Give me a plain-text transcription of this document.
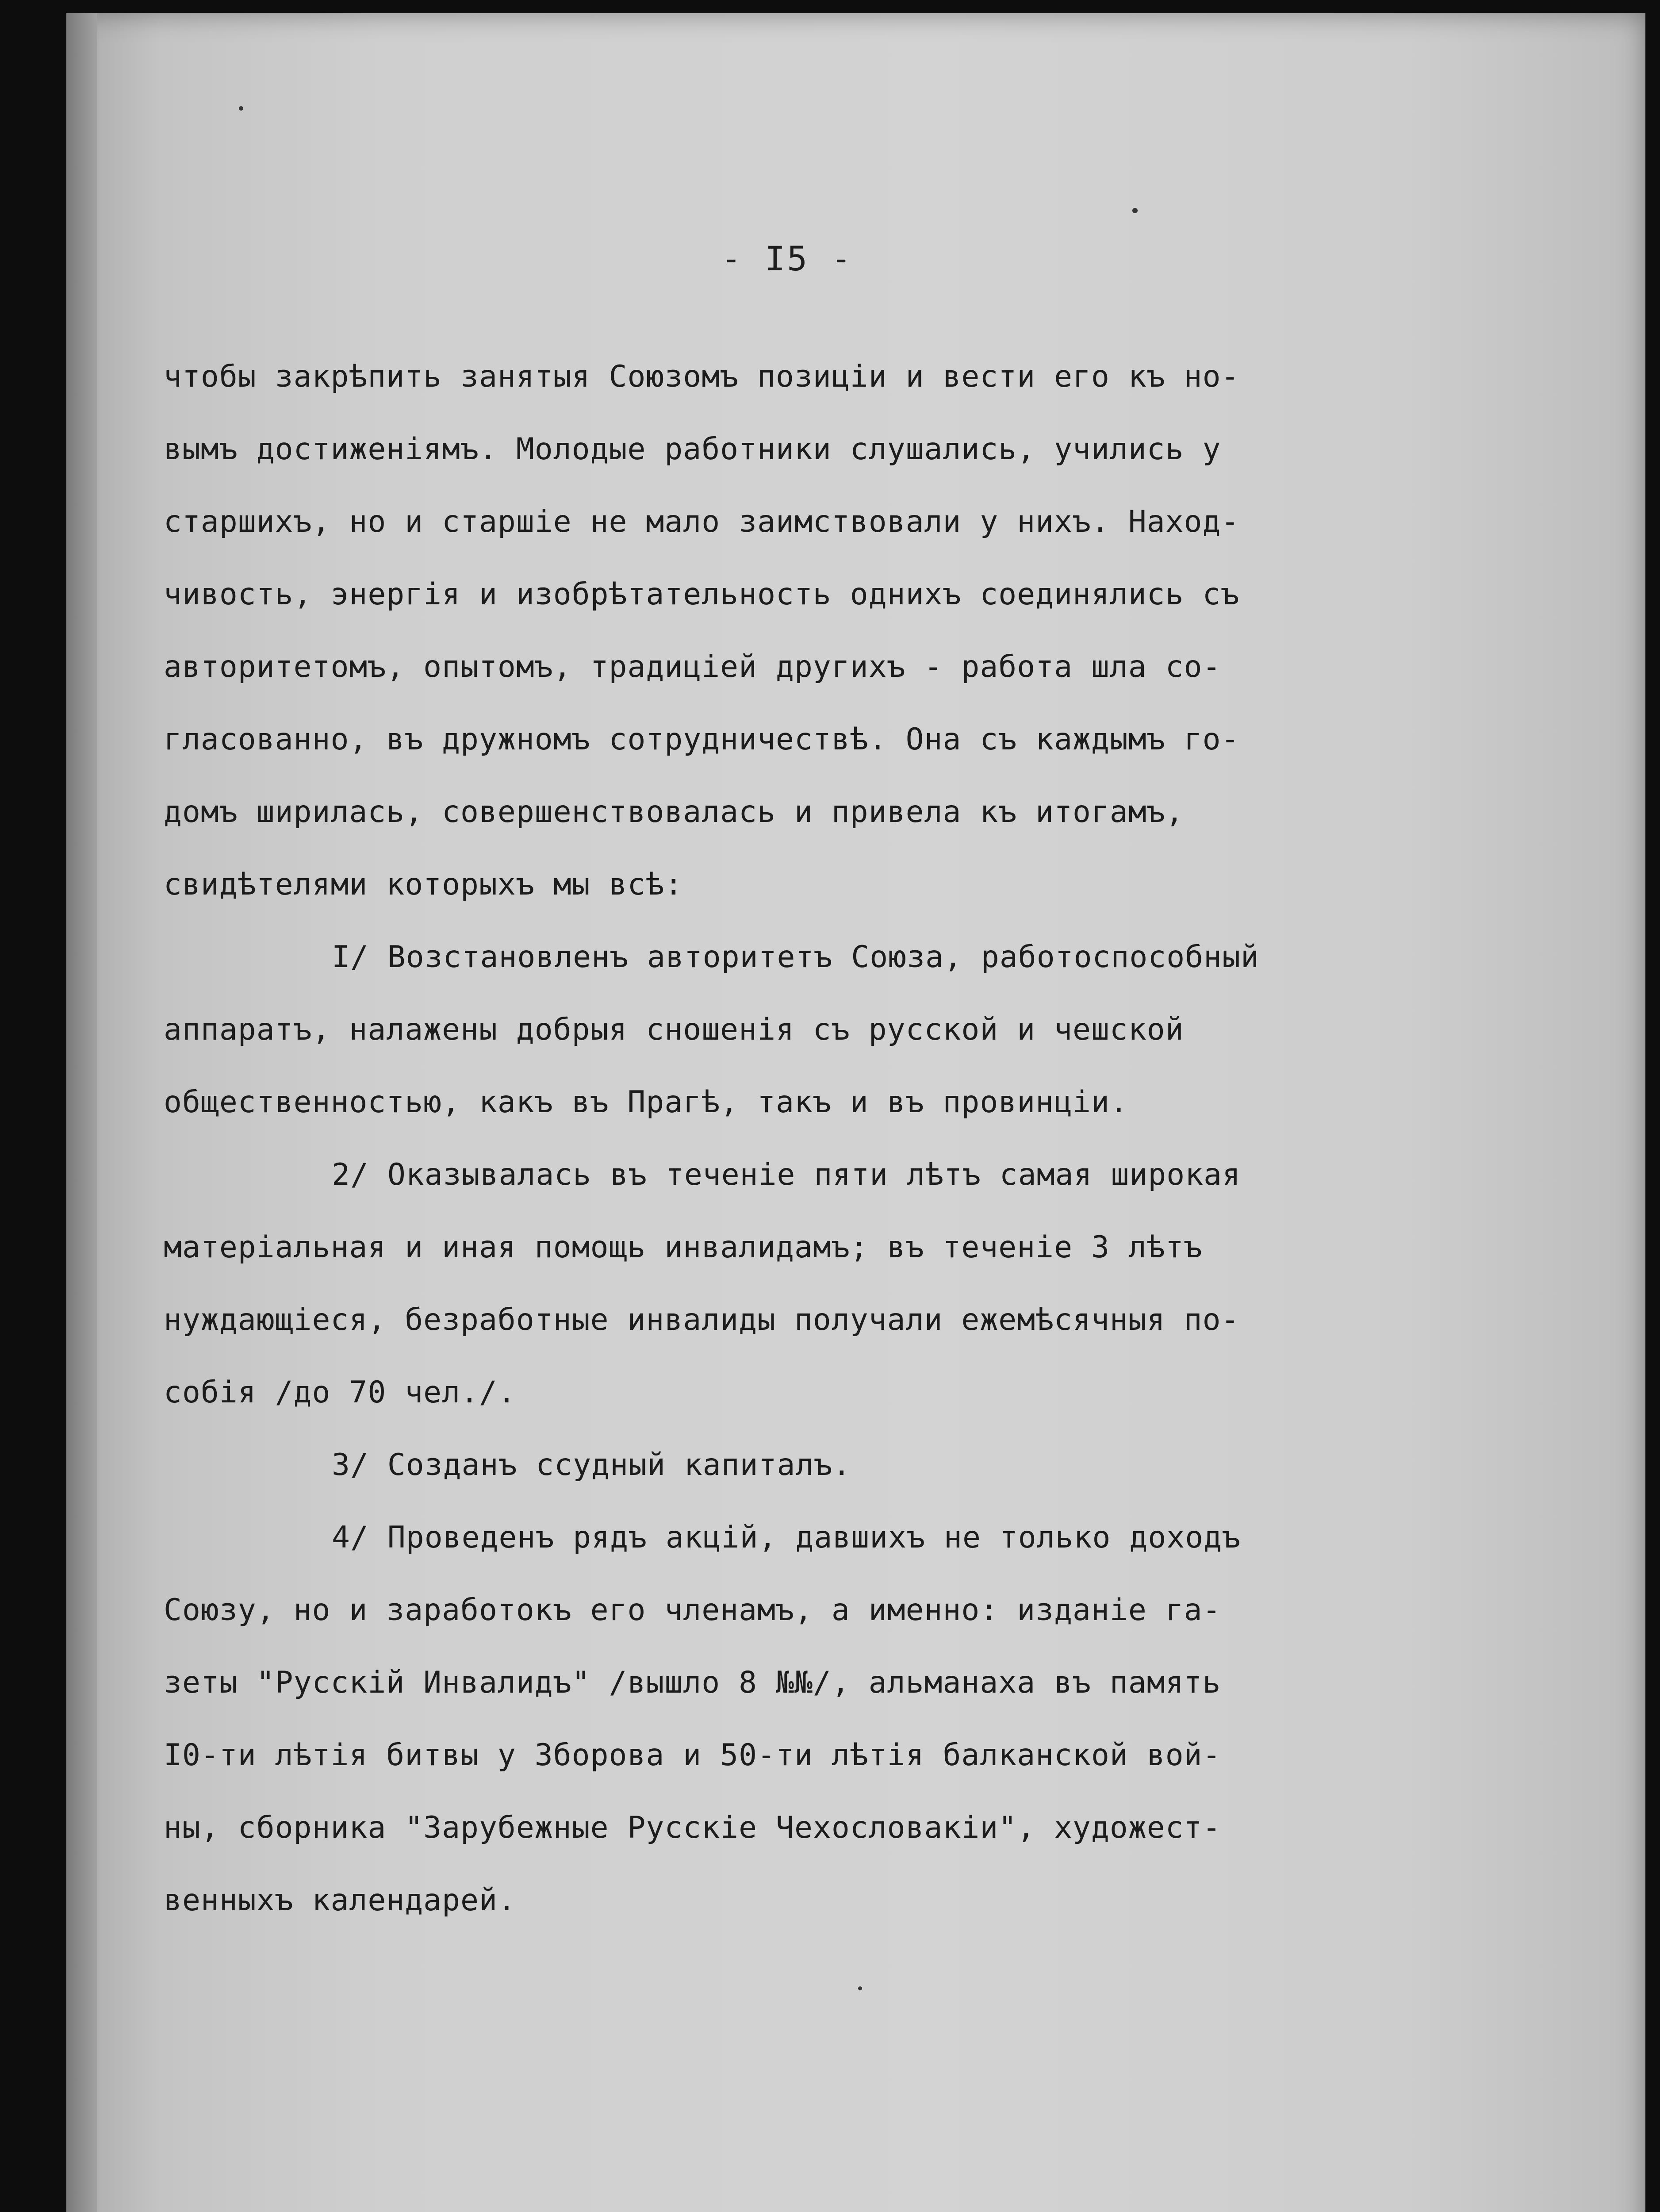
- I5 -
чтобы закрѣпить занятыя Союзомъ позиціи и вести его къ но-
вымъ достиженіямъ. Молодые работники слушались, учились у
старшихъ, но и старшіе не мало заимствовали у нихъ. Наход-
чивость, энергія и изобрѣтательность однихъ соединялись съ
авторитетомъ, опытомъ, традиціей другихъ - работа шла со-
гласованно, въ дружномъ сотрудничествѣ. Она съ каждымъ го-
домъ ширилась, совершенствовалась и привела къ итогамъ,
свидѣтелями которыхъ мы всѣ:
I/ Возстановленъ авторитетъ Союза, работоспособный
аппаратъ, налажены добрыя сношенія съ русской и чешской
общественностью, какъ въ Прагѣ, такъ и въ провинціи.
2/ Оказывалась въ теченіе пяти лѣтъ самая широкая
матеріальная и иная помощь инвалидамъ; въ теченіе 3 лѣтъ
нуждающіеся, безработные инвалиды получали ежемѣсячныя по-
собія /до 70 чел./.
3/ Созданъ ссудный капиталъ.
4/ Проведенъ рядъ акцій, давшихъ не только доходъ
Союзу, но и заработокъ его членамъ, а именно: изданіе га-
зеты "Русскій Инвалидъ" /вышло 8 №№/, альманаха въ память
I0-ти лѣтія битвы у Зборова и 50-ти лѣтія балканской вой-
ны, сборника "Зарубежные Русскіе Чехословакіи", художест-
венныхъ календарей.
